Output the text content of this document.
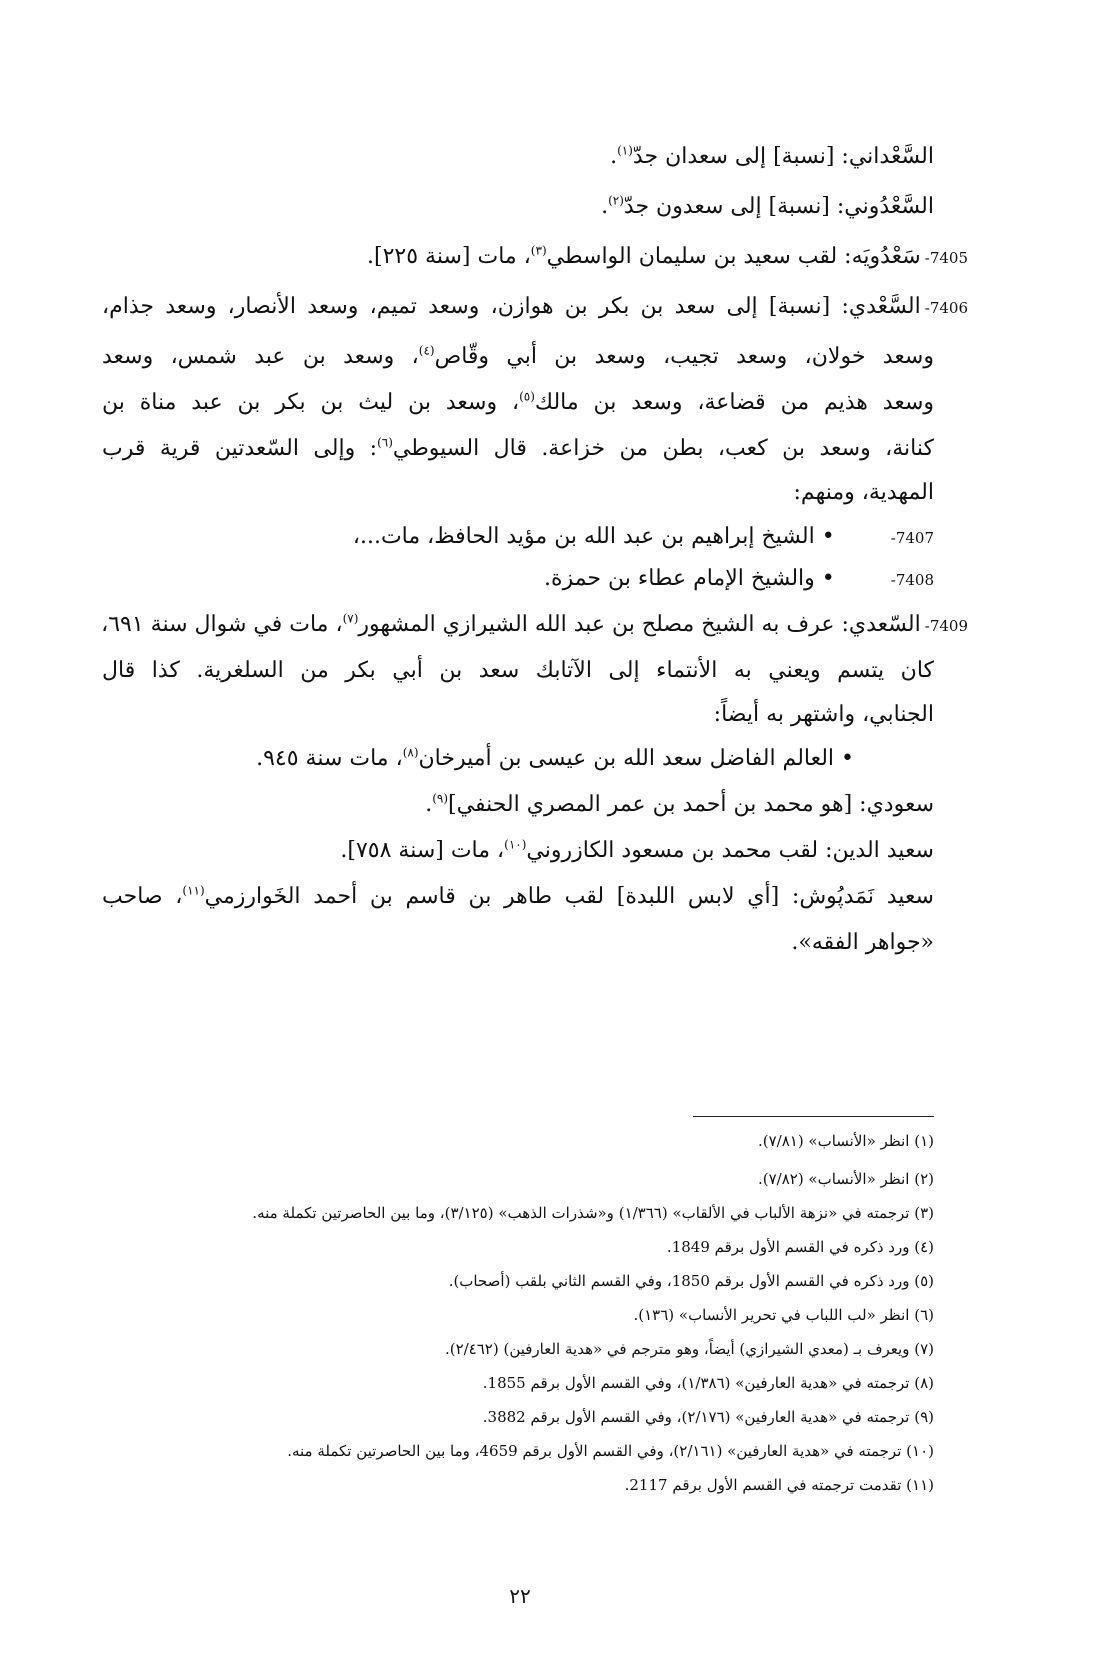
السَّعْداني: [نسبة] إلى سعدان جدّ$^{(١)}$.
السَّعْدُوني: [نسبة] إلى سعدون جدّ$^{(٢)}$.
7405-سَعْدُويَه: لقب سعيد بن سليمان الواسطي$^{(٣)}$، مات [سنة ٢٢٥].
7406-السَّعْدي: [نسبة] إلى سعد بن بكر بن هوازن، وسعد تميم، وسعد الأنصار، وسعد جذام،
وسعد خولان، وسعد تجيب، وسعد بن أبي وقّاص$^{(٤)}$، وسعد بن عبد شمس، وسعد
وسعد هذيم من قضاعة، وسعد بن مالك$^{(٥)}$، وسعد بن ليث بن بكر بن عبد مناة بن
كنانة، وسعد بن كعب، بطن من خزاعة. قال السيوطي$^{(٦)}$: وإلى السّعدتين قرية قرب
المهدية، ومنهم:
7407-• الشيخ إبراهيم بن عبد الله بن مؤيد الحافظ، مات...،
7408-• والشيخ الإمام عطاء بن حمزة.
7409-السّعدي: عرف به الشيخ مصلح بن عبد الله الشيرازي المشهور$^{(٧)}$، مات في شوال سنة ٦٩١،
كان يتسم ويعني به الأنتماء إلى الآتابك سعد بن أبي بكر من السلغرية. كذا قال
الجنابي، واشتهر به أيضاً:
• العالم الفاضل سعد الله بن عيسى بن أميرخان$^{(٨)}$، مات سنة ٩٤٥.
سعودي: [هو محمد بن أحمد بن عمر المصري الحنفي]$^{(٩)}$.
سعيد الدين: لقب محمد بن مسعود الكازروني$^{(١٠)}$، مات [سنة ٧٥٨].
سعيد نَمَدپُوش: [أي لابس اللبدة] لقب طاهر بن قاسم بن أحمد الخَوارزمي$^{(١١)}$، صاحب
«جواهر الفقه».
(١) انظر «الأنساب» (٧/٨١).
(٢) انظر «الأنساب» (٧/٨٢).
(٣) ترجمته في «نزهة الألباب في الألقاب» (١/٣٦٦) و«شذرات الذهب» (٣/١٢٥)، وما بين الحاصرتين تكملة منه.
(٤) ورد ذكره في القسم الأول برقم 1849.
(٥) ورد ذكره في القسم الأول برقم 1850، وفي القسم الثاني بلقب (أصحاب).
(٦) انظر «لب اللباب في تحرير الأنساب» (١٣٦).
(٧) ويعرف بـ (معدي الشيرازي) أيضاً، وهو مترجم في «هدية العارفين) (٢/٤٦٢).
(٨) ترجمته في «هدية العارفين» (١/٣٨٦)، وفي القسم الأول برقم 1855.
(٩) ترجمته في «هدية العارفين» (٢/١٧٦)، وفي القسم الأول برقم 3882.
(١٠) ترجمته في «هدية العارفين» (٢/١٦١)، وفي القسم الأول برقم 4659، وما بين الحاصرتين تكملة منه.
(١١) تقدمت ترجمته في القسم الأول برقم 2117.
٢٢
